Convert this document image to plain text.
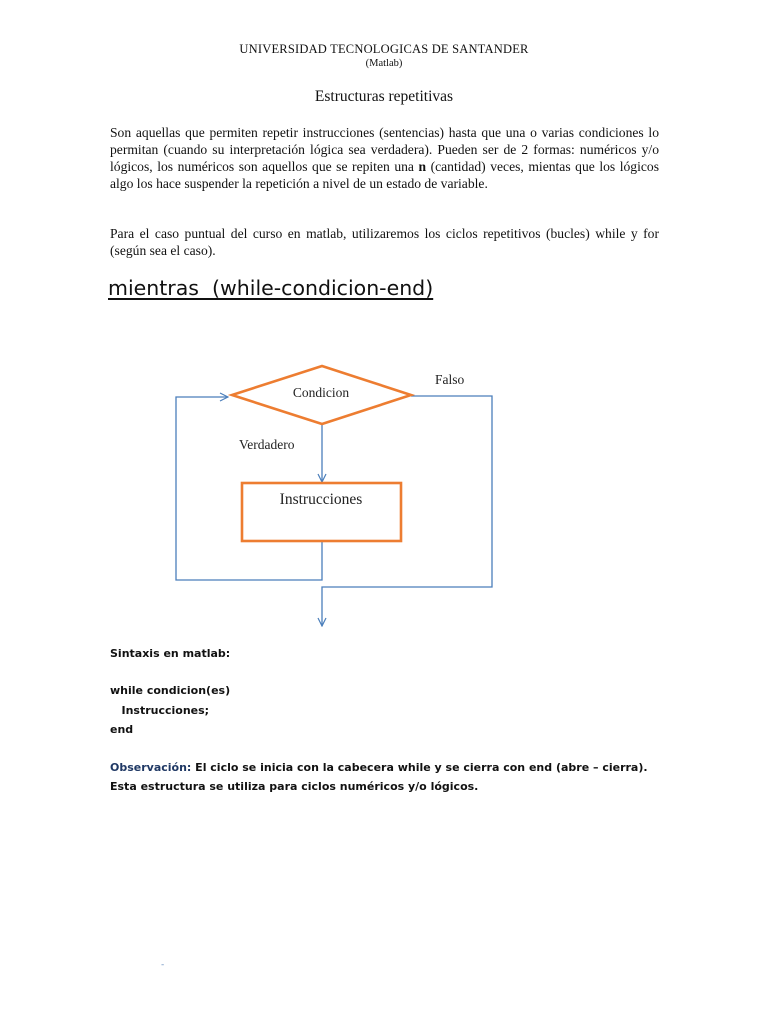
UNIVERSIDAD TECNOLOGICAS DE SANTANDER
(Matlab)
Estructuras repetitivas

Son aquellas que permiten repetir instrucciones (sentencias) hasta que una o varias condiciones lo permitan (cuando su interpretación lógica sea verdadera). Pueden ser de 2 formas: numéricos y/o lógicos, los numéricos son aquellos que se repiten una n (cantidad) veces, mientas que los lógicos algo los hace suspender la repetición a nivel de un estado de variable.

Para el caso puntual del curso en matlab, utilizaremos los ciclos repetitivos (bucles) while y for (según sea el caso).

mientras  (while-condicion-end)
Condicion
Instrucciones
Falso
Verdadero
Sintaxis en matlab:
while condicion(es)
Instrucciones;
end

Observación: El ciclo se inicia con la cabecera while y se cierra con end (abre – cierra). Esta estructura se utiliza para ciclos numéricos y/o lógicos.

-
